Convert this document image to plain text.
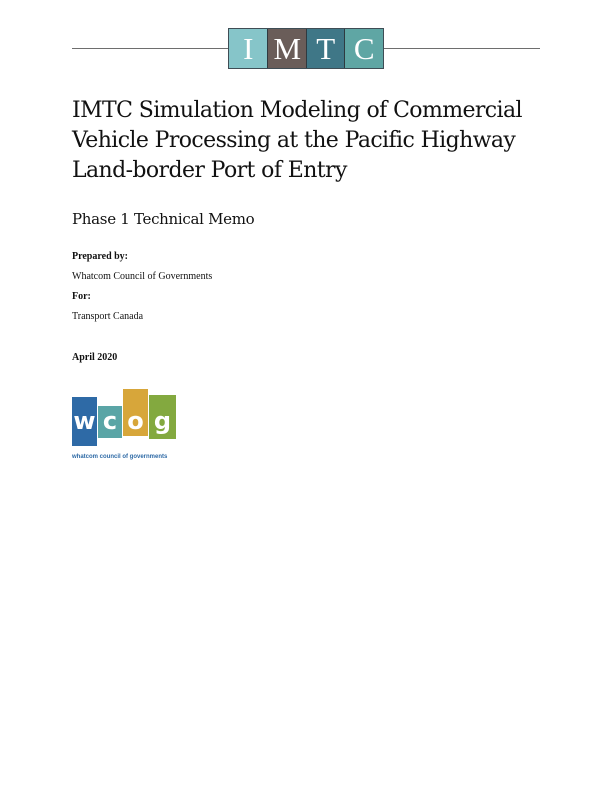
I M T C
IMTC Simulation Modeling of Commercial Vehicle Processing at the Pacific Highway Land-border Port of Entry
Phase 1 Technical Memo
Prepared by:
Whatcom Council of Governments
For:
Transport Canada
April 2020
w c o g
whatcom council of governments
